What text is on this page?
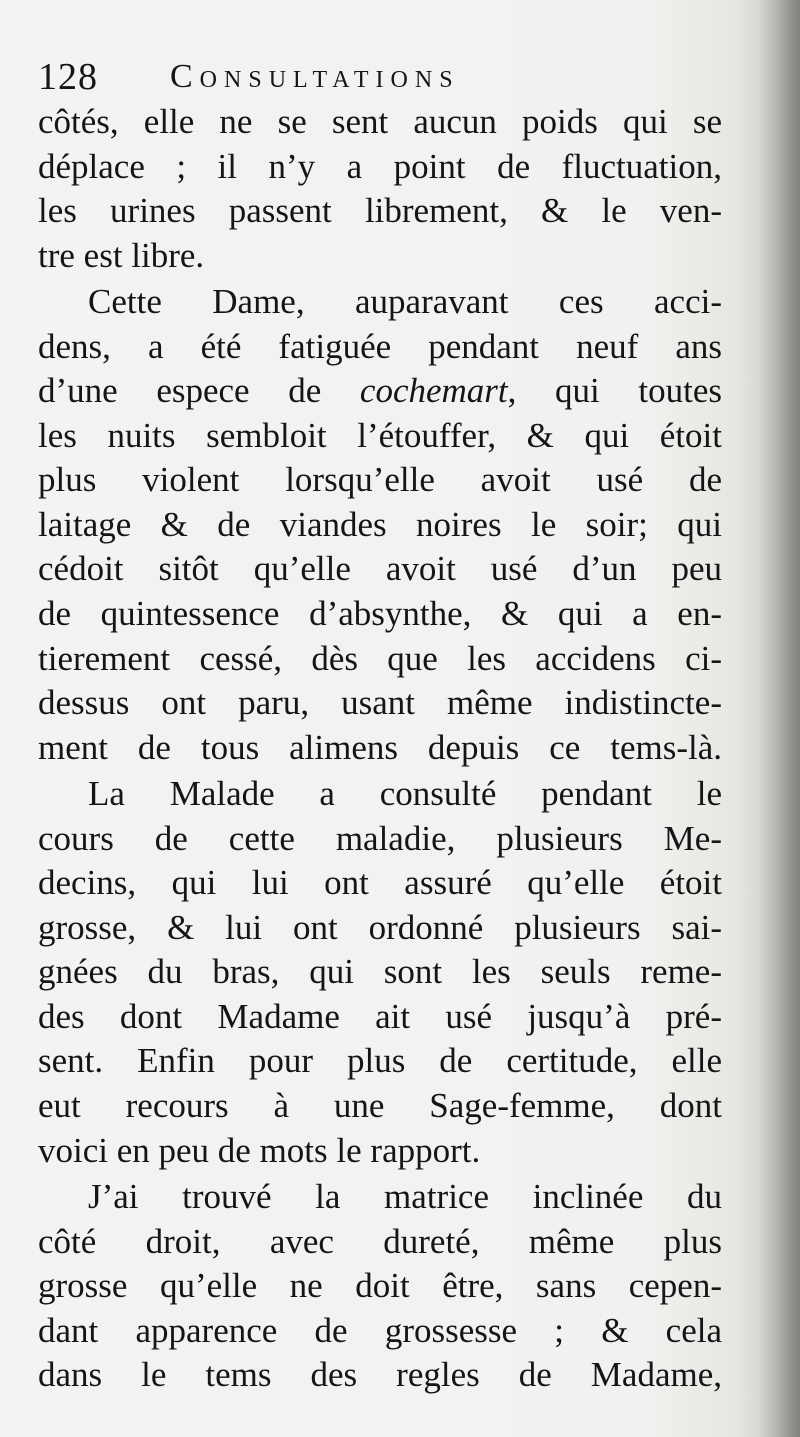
128 Consultations
côtés, elle ne se sent aucun poids qui se
déplace ; il n’y a point de fluctuation,
les urines passent librement, & le ven-
tre est libre.
Cette Dame, auparavant ces acci-
dens, a été fatiguée pendant neuf ans
d’une espece de cochemart, qui toutes
les nuits sembloit l’étouffer, & qui étoit
plus violent lorsqu’elle avoit usé de
laitage & de viandes noires le soir; qui
cédoit sitôt qu’elle avoit usé d’un peu
de quintessence d’absynthe, & qui a en-
tierement cessé, dès que les accidens ci-
dessus ont paru, usant même indistincte-
ment de tous alimens depuis ce tems-là.
La Malade a consulté pendant le
cours de cette maladie, plusieurs Me-
decins, qui lui ont assuré qu’elle étoit
grosse, & lui ont ordonné plusieurs sai-
gnées du bras, qui sont les seuls reme-
des dont Madame ait usé jusqu’à pré-
sent. Enfin pour plus de certitude, elle
eut recours à une Sage-femme, dont
voici en peu de mots le rapport.
J’ai trouvé la matrice inclinée du
côté droit, avec dureté, même plus
grosse qu’elle ne doit être, sans cepen-
dant apparence de grossesse ; & cela
dans le tems des regles de Madame,
